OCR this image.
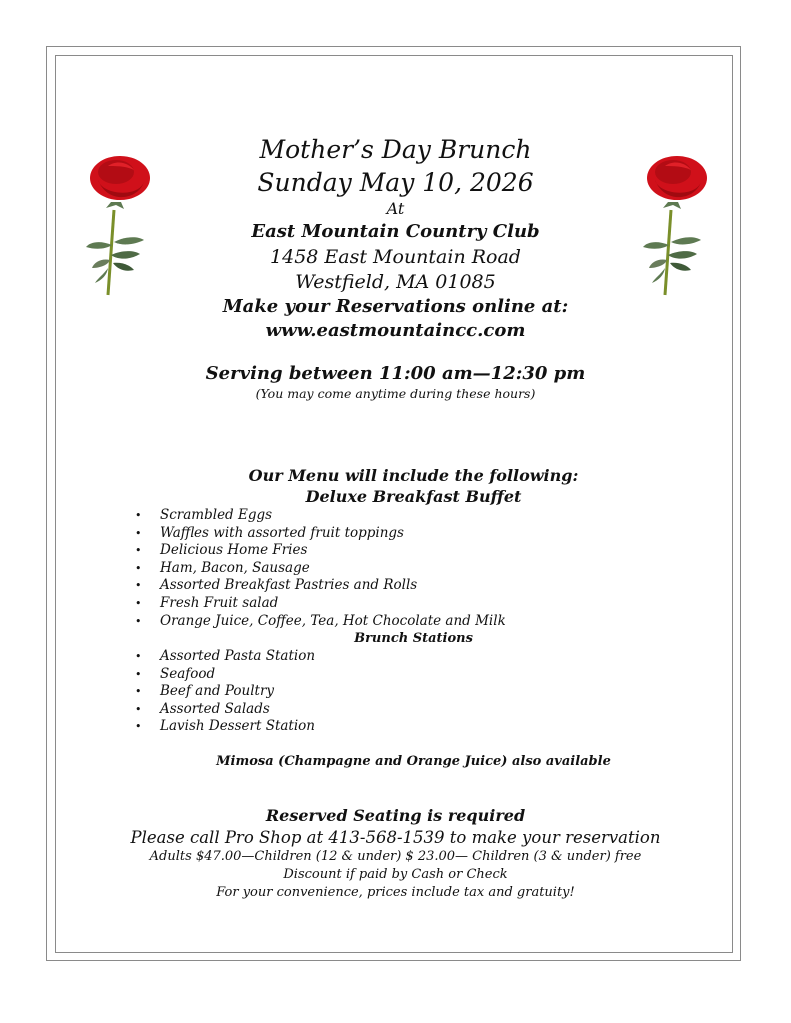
Mother’s Day Brunch
Sunday May 10, 2026
At
East Mountain Country Club
1458 East Mountain Road
Westfield, MA 01085
Make your Reservations online at:
www.eastmountaincc.com
Serving between 11:00 am—12:30 pm
(You may come anytime during these hours)
Our Menu will include the following:
Deluxe Breakfast Buffet
• Scrambled Eggs
• Waffles with assorted fruit toppings
• Delicious Home Fries
• Ham, Bacon, Sausage
• Assorted Breakfast Pastries and Rolls
• Fresh Fruit salad
• Orange Juice, Coffee, Tea, Hot Chocolate and Milk
Brunch Stations
• Assorted Pasta Station
• Seafood
• Beef and Poultry
• Assorted Salads
• Lavish Dessert Station
Mimosa (Champagne and Orange Juice) also available
Reserved Seating is required
Please call Pro Shop at 413-568-1539 to make your reservation
Adults $47.00—Children (12 & under) $ 23.00— Children (3 & under) free
Discount if paid by Cash or Check
For your convenience, prices include tax and gratuity!
